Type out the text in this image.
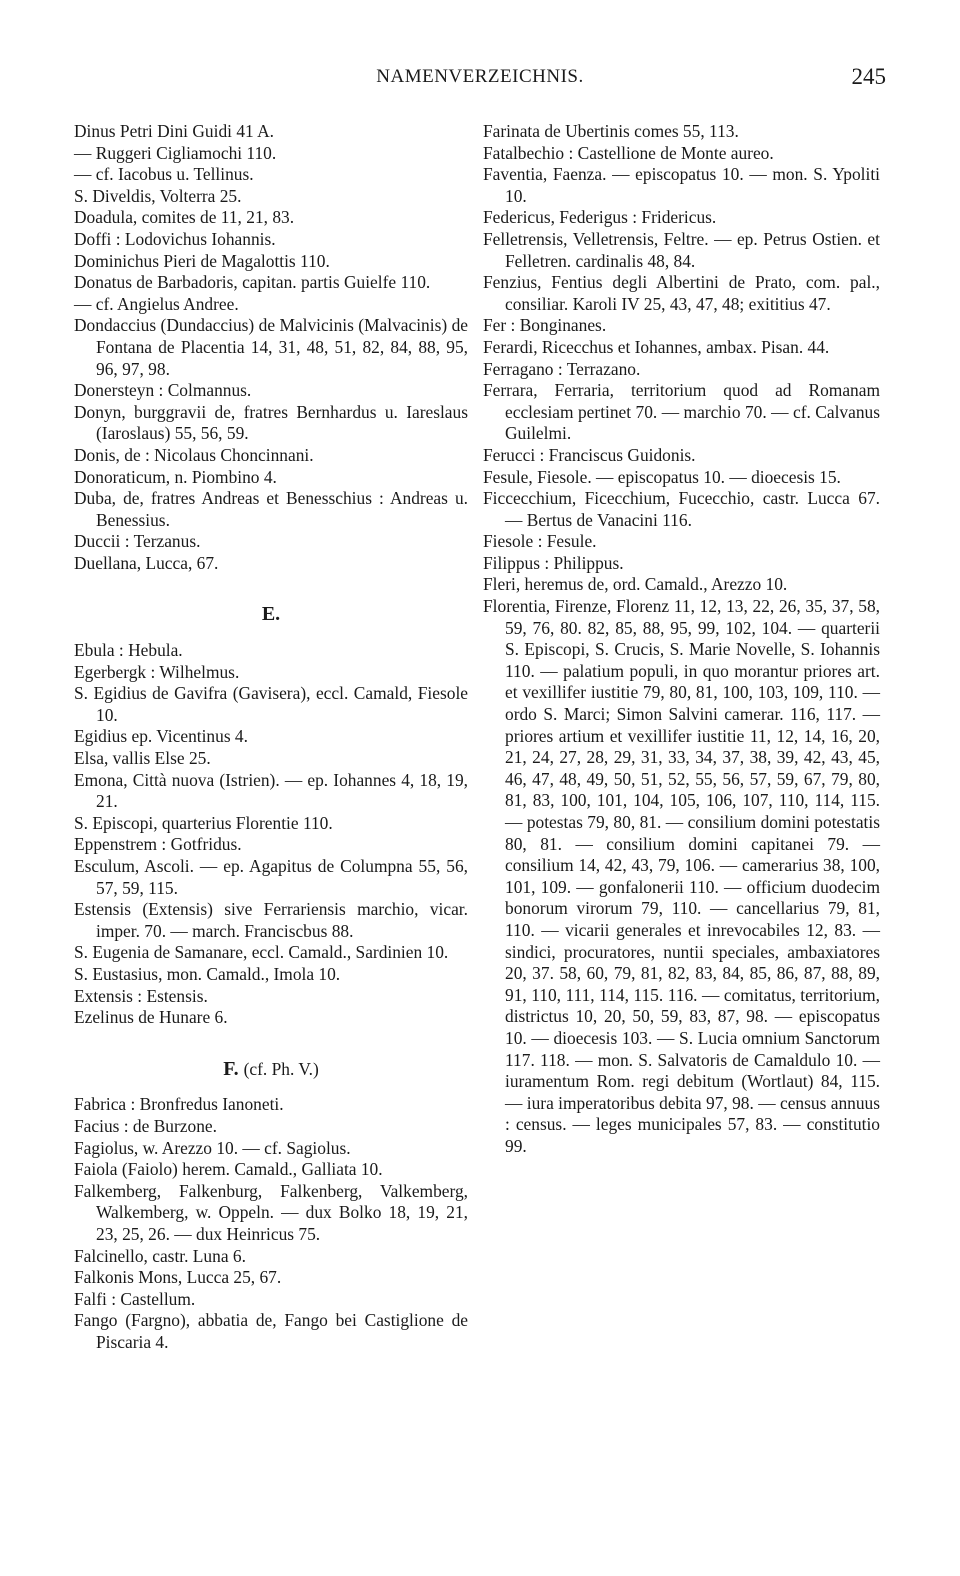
NAMENVERZEICHNIS.	245

Dinus Petri Dini Guidi 41 A.

— Ruggeri Cigliamochi 110.

— cf. Iacobus u. Tellinus.

S. Diveldis, Volterra 25.

Doadula, comites de 11, 21, 83.

Doffi : Lodovichus Iohannis.

Dominichus Pieri de Magalottis 110.

Donatus de Barbadoris, capitan. partis Guielfe 110.

— cf. Angielus Andree.

Dondaccius (Dundaccius) de Malvicinis (Malvacinis) de Fontana de Placentia 14, 31, 48, 51, 82, 84, 88, 95, 96, 97, 98.

Donersteyn : Colmannus.

Donyn, burggravii de, fratres Bernhardus u. Iareslaus (Iaroslaus) 55, 56, 59.

Donis, de : Nicolaus Choncinnani.

Donoraticum, n. Piombino 4.

Duba, de, fratres Andreas et Benesschius : Andreas u. Benessius.

Duccii : Terzanus.

Duellana, Lucca, 67.

E.

Ebula : Hebula.

Egerbergk : Wilhelmus.

S. Egidius de Gavifra (Gavisera), eccl. Camald, Fiesole 10.

Egidius ep. Vicentinus 4.

Elsa, vallis Else 25.

Emona, Città nuova (Istrien). — ep. Iohannes 4, 18, 19, 21.

S. Episcopi, quarterius Florentie 110.

Eppenstrem : Gotfridus.

Esculum, Ascoli. — ep. Agapitus de Columpna 55, 56, 57, 59, 115.

Estensis (Extensis) sive Ferrariensis marchio, vicar. imper. 70. — march. Franciscbus 88.

S. Eugenia de Samanare, eccl. Camald., Sardinien 10.

S. Eustasius, mon. Camald., Imola 10.

Extensis : Estensis.

Ezelinus de Hunare 6.

F. (cf. Ph. V.)

Fabrica : Bronfredus Ianoneti.

Facius : de Burzone.

Fagiolus, w. Arezzo 10. — cf. Sagiolus.

Faiola (Faiolo) herem. Camald., Galliata 10.

Falkemberg, Falkenburg, Falkenberg, Valkemberg, Walkemberg, w. Oppeln. — dux Bolko 18, 19, 21, 23, 25, 26. — dux Heinricus 75.

Falcinello, castr. Luna 6.

Falkonis Mons, Lucca 25, 67.

Falfi : Castellum.

Fango (Fargno), abbatia de, Fango bei Castiglione de Piscaria 4.

Farinata de Ubertinis comes 55, 113.

Fatalbechio : Castellione de Monte aureo.

Faventia, Faenza. — episcopatus 10. — mon. S. Ypoliti 10.

Federicus, Federigus : Fridericus.

Felletrensis, Velletrensis, Feltre. — ep. Petrus Ostien. et Felletren. cardinalis 48, 84.

Fenzius, Fentius degli Albertini de Prato, com. pal., consiliar. Karoli IV 25, 43, 47, 48; exititius 47.

Fer : Bonginanes.

Ferardi, Ricecchus et Iohannes, ambax. Pisan. 44.

Ferragano : Terrazano.

Ferrara, Ferraria, territorium quod ad Romanam ecclesiam pertinet 70. — marchio 70. — cf. Calvanus Guilelmi.

Ferucci : Franciscus Guidonis.

Fesule, Fiesole. — episcopatus 10. — dioecesis 15.

Ficcecchium, Ficecchium, Fucecchio, castr. Lucca 67. — Bertus de Vanacini 116.

Fiesole : Fesule.

Filippus : Philippus.

Fleri, heremus de, ord. Camald., Arezzo 10.

Florentia, Firenze, Florenz 11, 12, 13, 22, 26, 35, 37, 58, 59, 76, 80. 82, 85, 88, 95, 99, 102, 104. — quarterii S. Episcopi, S. Crucis, S. Marie Novelle, S. Iohannis 110. — palatium populi, in quo morantur priores art. et vexillifer iustitie 79, 80, 81, 100, 103, 109, 110. — ordo S. Marci; Simon Salvini camerar. 116, 117. — priores artium et vexillifer iustitie 11, 12, 14, 16, 20, 21, 24, 27, 28, 29, 31, 33, 34, 37, 38, 39, 42, 43, 45, 46, 47, 48, 49, 50, 51, 52, 55, 56, 57, 59, 67, 79, 80, 81, 83, 100, 101, 104, 105, 106, 107, 110, 114, 115. — potestas 79, 80, 81. — consilium domini potestatis 80, 81. — consilium domini capitanei 79. — consilium 14, 42, 43, 79, 106. — camerarius 38, 100, 101, 109. — gonfalonerii 110. — officium duodecim bonorum virorum 79, 110. — cancellarius 79, 81, 110. — vicarii generales et inrevocabiles 12, 83. — sindici, procuratores, nuntii speciales, ambaxiatores 20, 37. 58, 60, 79, 81, 82, 83, 84, 85, 86, 87, 88, 89, 91, 110, 111, 114, 115. 116. — comitatus, territorium, districtus 10, 20, 50, 59, 83, 87, 98. — episcopatus 10. — dioecesis 103. — S. Lucia omnium Sanctorum 117. 118. — mon. S. Salvatoris de Camaldulo 10. — iuramentum Rom. regi debitum (Wortlaut) 84, 115. — iura imperatoribus debita 97, 98. — census annuus : census. — leges municipales 57, 83. — constitutio 99.
